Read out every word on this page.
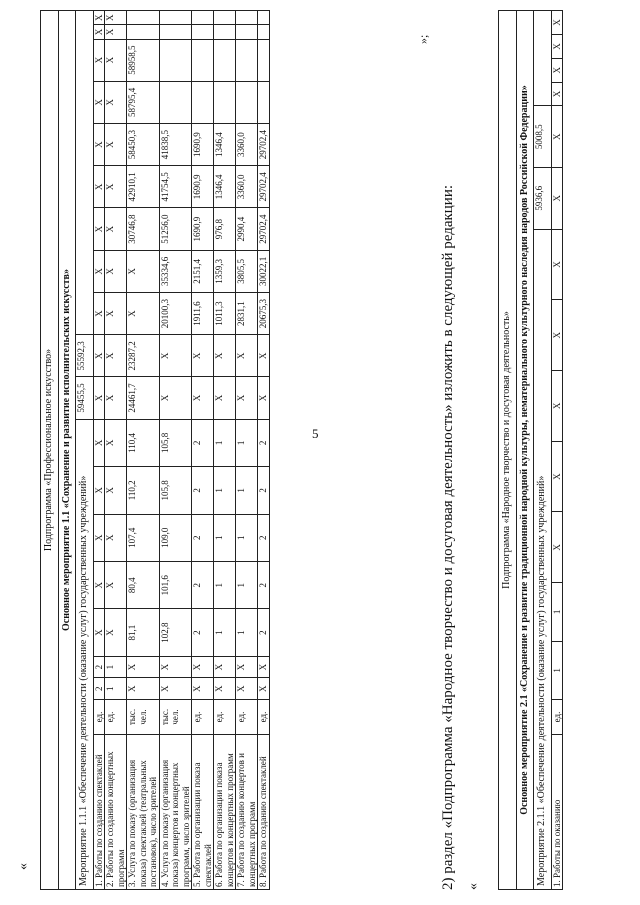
5
«
Подпрограмма «Профессиональное искусство»																			
Основное мероприятие 1.1 «Сохранение и развитие исполнительских искусств»																			
Мероприятие 1.1.1 «Обеспечение деятельности (оказание услуг) государственных учреждений»									59455,5	55592,3									
1. Работы по созданию спектаклей	ед.	2	2	X	X	X	X	X	X	X	X	X	X	X	X	X	X	X	X
2. Работы по созданию концертных программ	ед.	1	1	X	X	X	X	X	X	X	X	X	X	X	X	X	X	X	X
3. Услуга по показу (организация показа) спектаклей (театральных постановок), число зрителей	тыс. чел.	X	X	81,1	80,4	107,4	110,2	110,4	24461,7	23287,2	X	X	30746,8	42910,1	58450,3	58795,4	58958,5		
4. Услуга по показу (организация показа) концертов и концертных программ, число зрителей	тыс. чел.	X	X	102,8	101,6	109,0	105,8	105,8	X	X	20100,3	35334,6	51256,0	41754,5	41838,5				
5. Работа по организации показа спектаклей	ед.	X	X	2	2	2	2	2	X	X	1911,6	2151,4	1690,9	1690,9	1690,9				
6. Работа по организации показа концертов и концертных программ	ед.	X	X	1	1	1	1	1	X	X	1011,3	1359,3	976,8	1346,4	1346,4				
7. Работа по созданию концертов и концертных программ	ед.	X	X	1	1	1	1	1	X	X	2831,1	3805,5	2990,4	3360,0	3360,0				
8. Работа по созданию спектаклей	ед.	X	X	2	2	2	2	2	X	X	20675,3	30022,1	29702,4	29702,4	29702,4				
»;
2) раздел «Подпрограмма «Народное творчество и досуговая деятельность» изложить в следующей редакции: «
Подпрограмма «Народное творчество и досуговая деятельность»														
Основное мероприятие 2.1 «Сохранение и развитие традиционной народной культуры, нематериального культурного наследия народов Российской Федерации»														
Мероприятие 2.1.1 «Обеспечение деятельности (оказание услуг) государственных учреждений»									5936,6	5008,5				
1. Работы по оказанию	ед.	1	1	X	X	X	X	X	X	X	X	X	X	X
